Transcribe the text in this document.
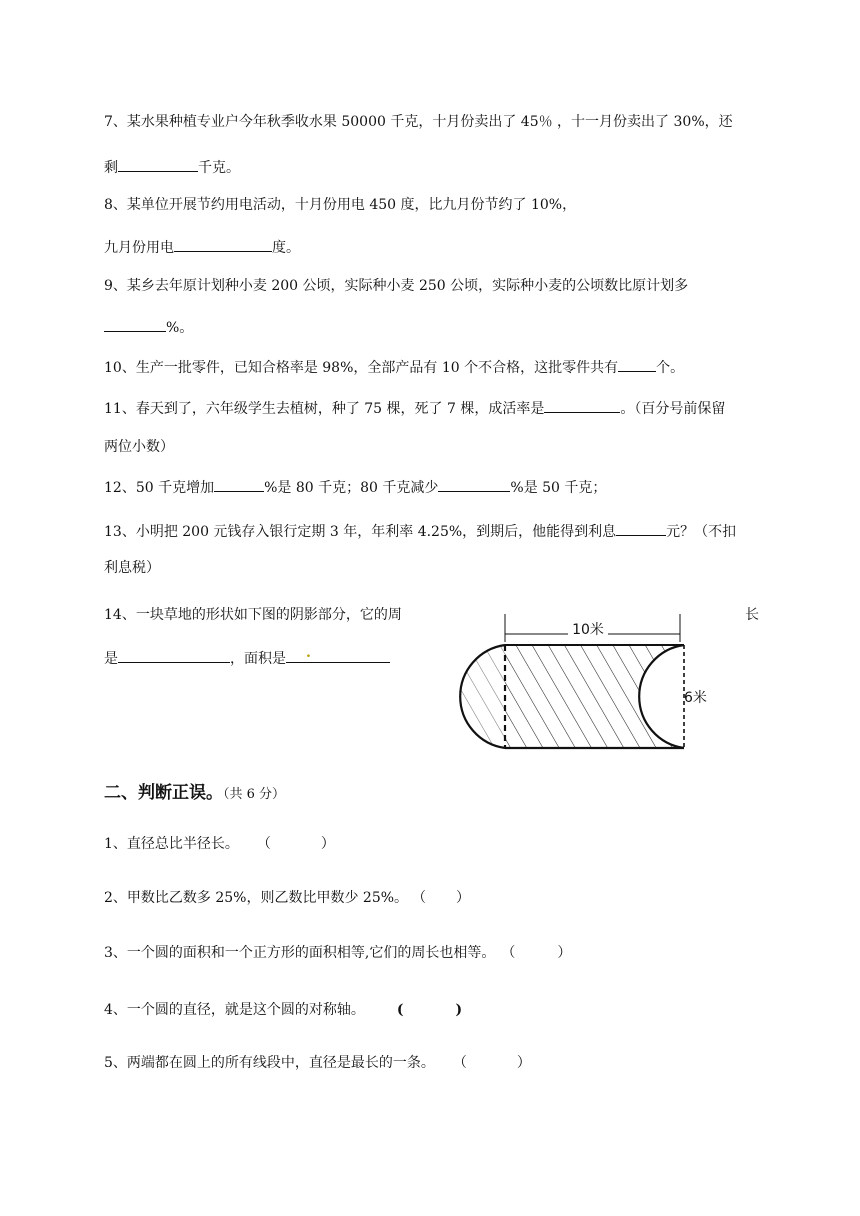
7、某水果种植专业户今年秋季收水果 50000 千克，十月份卖出了 45％ ，十一月份卖出了 30%，还
剩	千克。
8、某单位开展节约用电活动，十月份用电 450 度，比九月份节约了 10%，
九月份用电	度。
9、某乡去年原计划种小麦 200 公顷，实际种小麦 250 公顷，实际种小麦的公顷数比原计划多
%。
10、生产一批零件，已知合格率是 98%，全部产品有 10 个不合格，这批零件共有	个。
11、春天到了，六年级学生去植树，种了 75 棵，死了 7 棵，成活率是	。（百分号前保留
两位小数）
12、50 千克增加	%是 80 千克；80 千克减少	%是 50 千克；
13、小明把 200 元钱存入银行定期 3 年，年利率 4.25%，到期后，他能得到利息	元？（不扣
利息税）
14、一块草地的形状如下图的阴影部分，它的周	长
是	，面积是 .
10米
6米
二、判断正误。（共 6 分）
1、直径总比半径长。 （	）
2、甲数比乙数多 25%，则乙数比甲数少 25%。 （ ）
3、一个圆的面积和一个正方形的面积相等,它们的周长也相等。 （	）
4、一个圆的直径，就是这个圆的对称轴。 (	)
5、两端都在圆上的所有线段中，直径是最长的一条。 （	）
